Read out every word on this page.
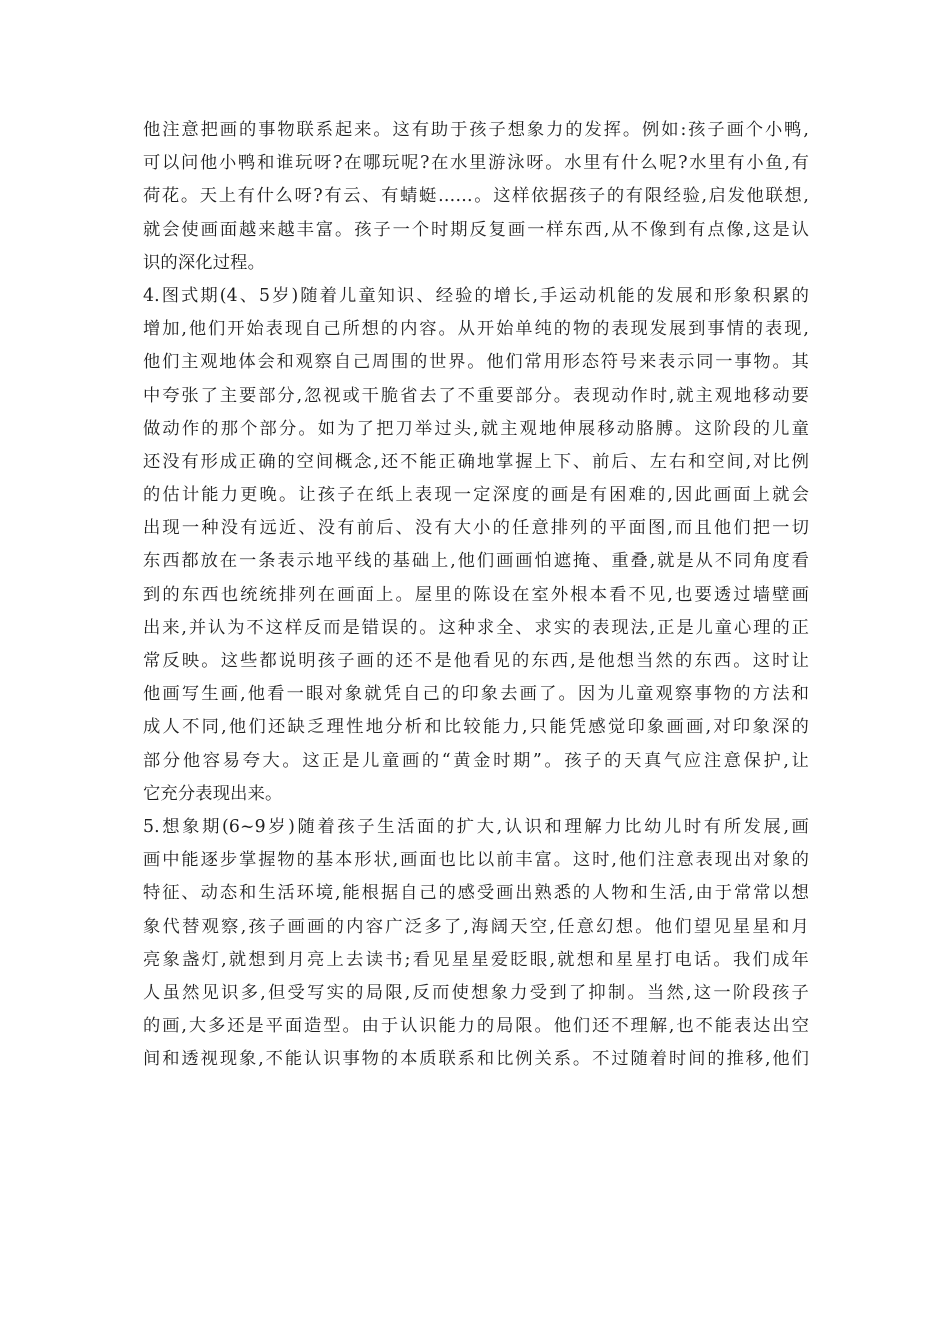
他注意把画的事物联系起来。这有助于孩子想象力的发挥。例如:孩子画个小鸭,
可以问他小鸭和谁玩呀?在哪玩呢?在水里游泳呀。水里有什么呢?水里有小鱼,有
荷花。天上有什么呀?有云、有蜻蜓……。这样依据孩子的有限经验,启发他联想,
就会使画面越来越丰富。孩子一个时期反复画一样东西,从不像到有点像,这是认
识的深化过程。
4.图式期(4、5岁)随着儿童知识、经验的增长,手运动机能的发展和形象积累的
增加,他们开始表现自己所想的内容。从开始单纯的物的表现发展到事情的表现,
他们主观地体会和观察自己周围的世界。他们常用形态符号来表示同一事物。其
中夸张了主要部分,忽视或干脆省去了不重要部分。表现动作时,就主观地移动要
做动作的那个部分。如为了把刀举过头,就主观地伸展移动胳膊。这阶段的儿童
还没有形成正确的空间概念,还不能正确地掌握上下、前后、左右和空间,对比例
的估计能力更晚。让孩子在纸上表现一定深度的画是有困难的,因此画面上就会
出现一种没有远近、没有前后、没有大小的任意排列的平面图,而且他们把一切
东西都放在一条表示地平线的基础上,他们画画怕遮掩、重叠,就是从不同角度看
到的东西也统统排列在画面上。屋里的陈设在室外根本看不见,也要透过墙壁画
出来,并认为不这样反而是错误的。这种求全、求实的表现法,正是儿童心理的正
常反映。这些都说明孩子画的还不是他看见的东西,是他想当然的东西。这时让
他画写生画,他看一眼对象就凭自己的印象去画了。因为儿童观察事物的方法和
成人不同,他们还缺乏理性地分析和比较能力,只能凭感觉印象画画,对印象深的
部分他容易夸大。这正是儿童画的“黄金时期”。孩子的天真气应注意保护,让
它充分表现出来。
5.想象期(6~9岁)随着孩子生活面的扩大,认识和理解力比幼儿时有所发展,画
画中能逐步掌握物的基本形状,画面也比以前丰富。这时,他们注意表现出对象的
特征、动态和生活环境,能根据自己的感受画出熟悉的人物和生活,由于常常以想
象代替观察,孩子画画的内容广泛多了,海阔天空,任意幻想。他们望见星星和月
亮象盏灯,就想到月亮上去读书;看见星星爱眨眼,就想和星星打电话。我们成年
人虽然见识多,但受写实的局限,反而使想象力受到了抑制。当然,这一阶段孩子
的画,大多还是平面造型。由于认识能力的局限。他们还不理解,也不能表达出空
间和透视现象,不能认识事物的本质联系和比例关系。不过随着时间的推移,他们
